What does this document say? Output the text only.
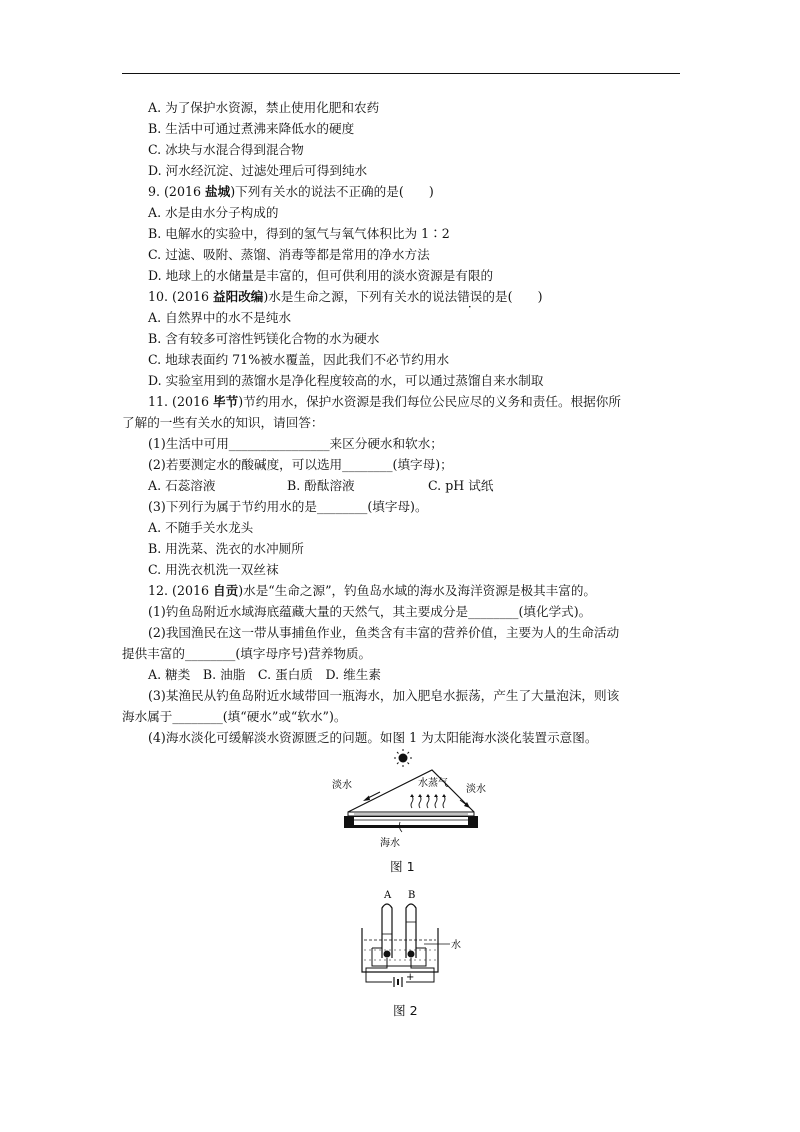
A. 为了保护水资源，禁止使用化肥和农药
B. 生活中可通过煮沸来降低水的硬度
C. 冰块与水混合得到混合物
D. 河水经沉淀、过滤处理后可得到纯水
9. (2016 盐城)下列有关水的说法不正确的是(　　)
A. 水是由水分子构成的
B. 电解水的实验中，得到的氢气与氧气体积比为 1∶2
C. 过滤、吸附、蒸馏、消毒等都是常用的净水方法
D. 地球上的水储量是丰富的，但可供利用的淡水资源是有限的
10. (2016 益阳改编)水是生命之源，下列有关水的说法错误的是(　　)
A. 自然界中的水不是纯水
B. 含有较多可溶性钙镁化合物的水为硬水
C. 地球表面约 71%被水覆盖，因此我们不必节约用水
D. 实验室用到的蒸馏水是净化程度较高的水，可以通过蒸馏自来水制取
11. (2016 毕节)节约用水，保护水资源是我们每位公民应尽的义务和责任。根据你所
了解的一些有关水的知识，请回答：
(1)生活中可用________________来区分硬水和软水；
(2)若要测定水的酸碱度，可以选用________(填字母)；
A. 石蕊溶液	B. 酚酞溶液	C. pH 试纸
(3)下列行为属于节约用水的是________(填字母)。
A. 不随手关水龙头
B. 用洗菜、洗衣的水冲厕所
C. 用洗衣机洗一双丝袜
12. (2016 自贡)水是“生命之源”，钓鱼岛水域的海水及海洋资源是极其丰富的。
(1)钓鱼岛附近水域海底蕴藏大量的天然气，其主要成分是________(填化学式)。
(2)我国渔民在这一带从事捕鱼作业，鱼类含有丰富的营养价值，主要为人的生命活动
提供丰富的________(填字母序号)营养物质。
A. 糖类　B. 油脂　C. 蛋白质　D. 维生素
(3)某渔民从钓鱼岛附近水域带回一瓶海水，加入肥皂水振荡，产生了大量泡沫，则该
海水属于________(填“硬水”或“软水”)。
(4)海水淡化可缓解淡水资源匮乏的问题。如图 1 为太阳能海水淡化装置示意图。
淡水	水蒸气
淡水
海水
图 1
A B
+
水
图 2
